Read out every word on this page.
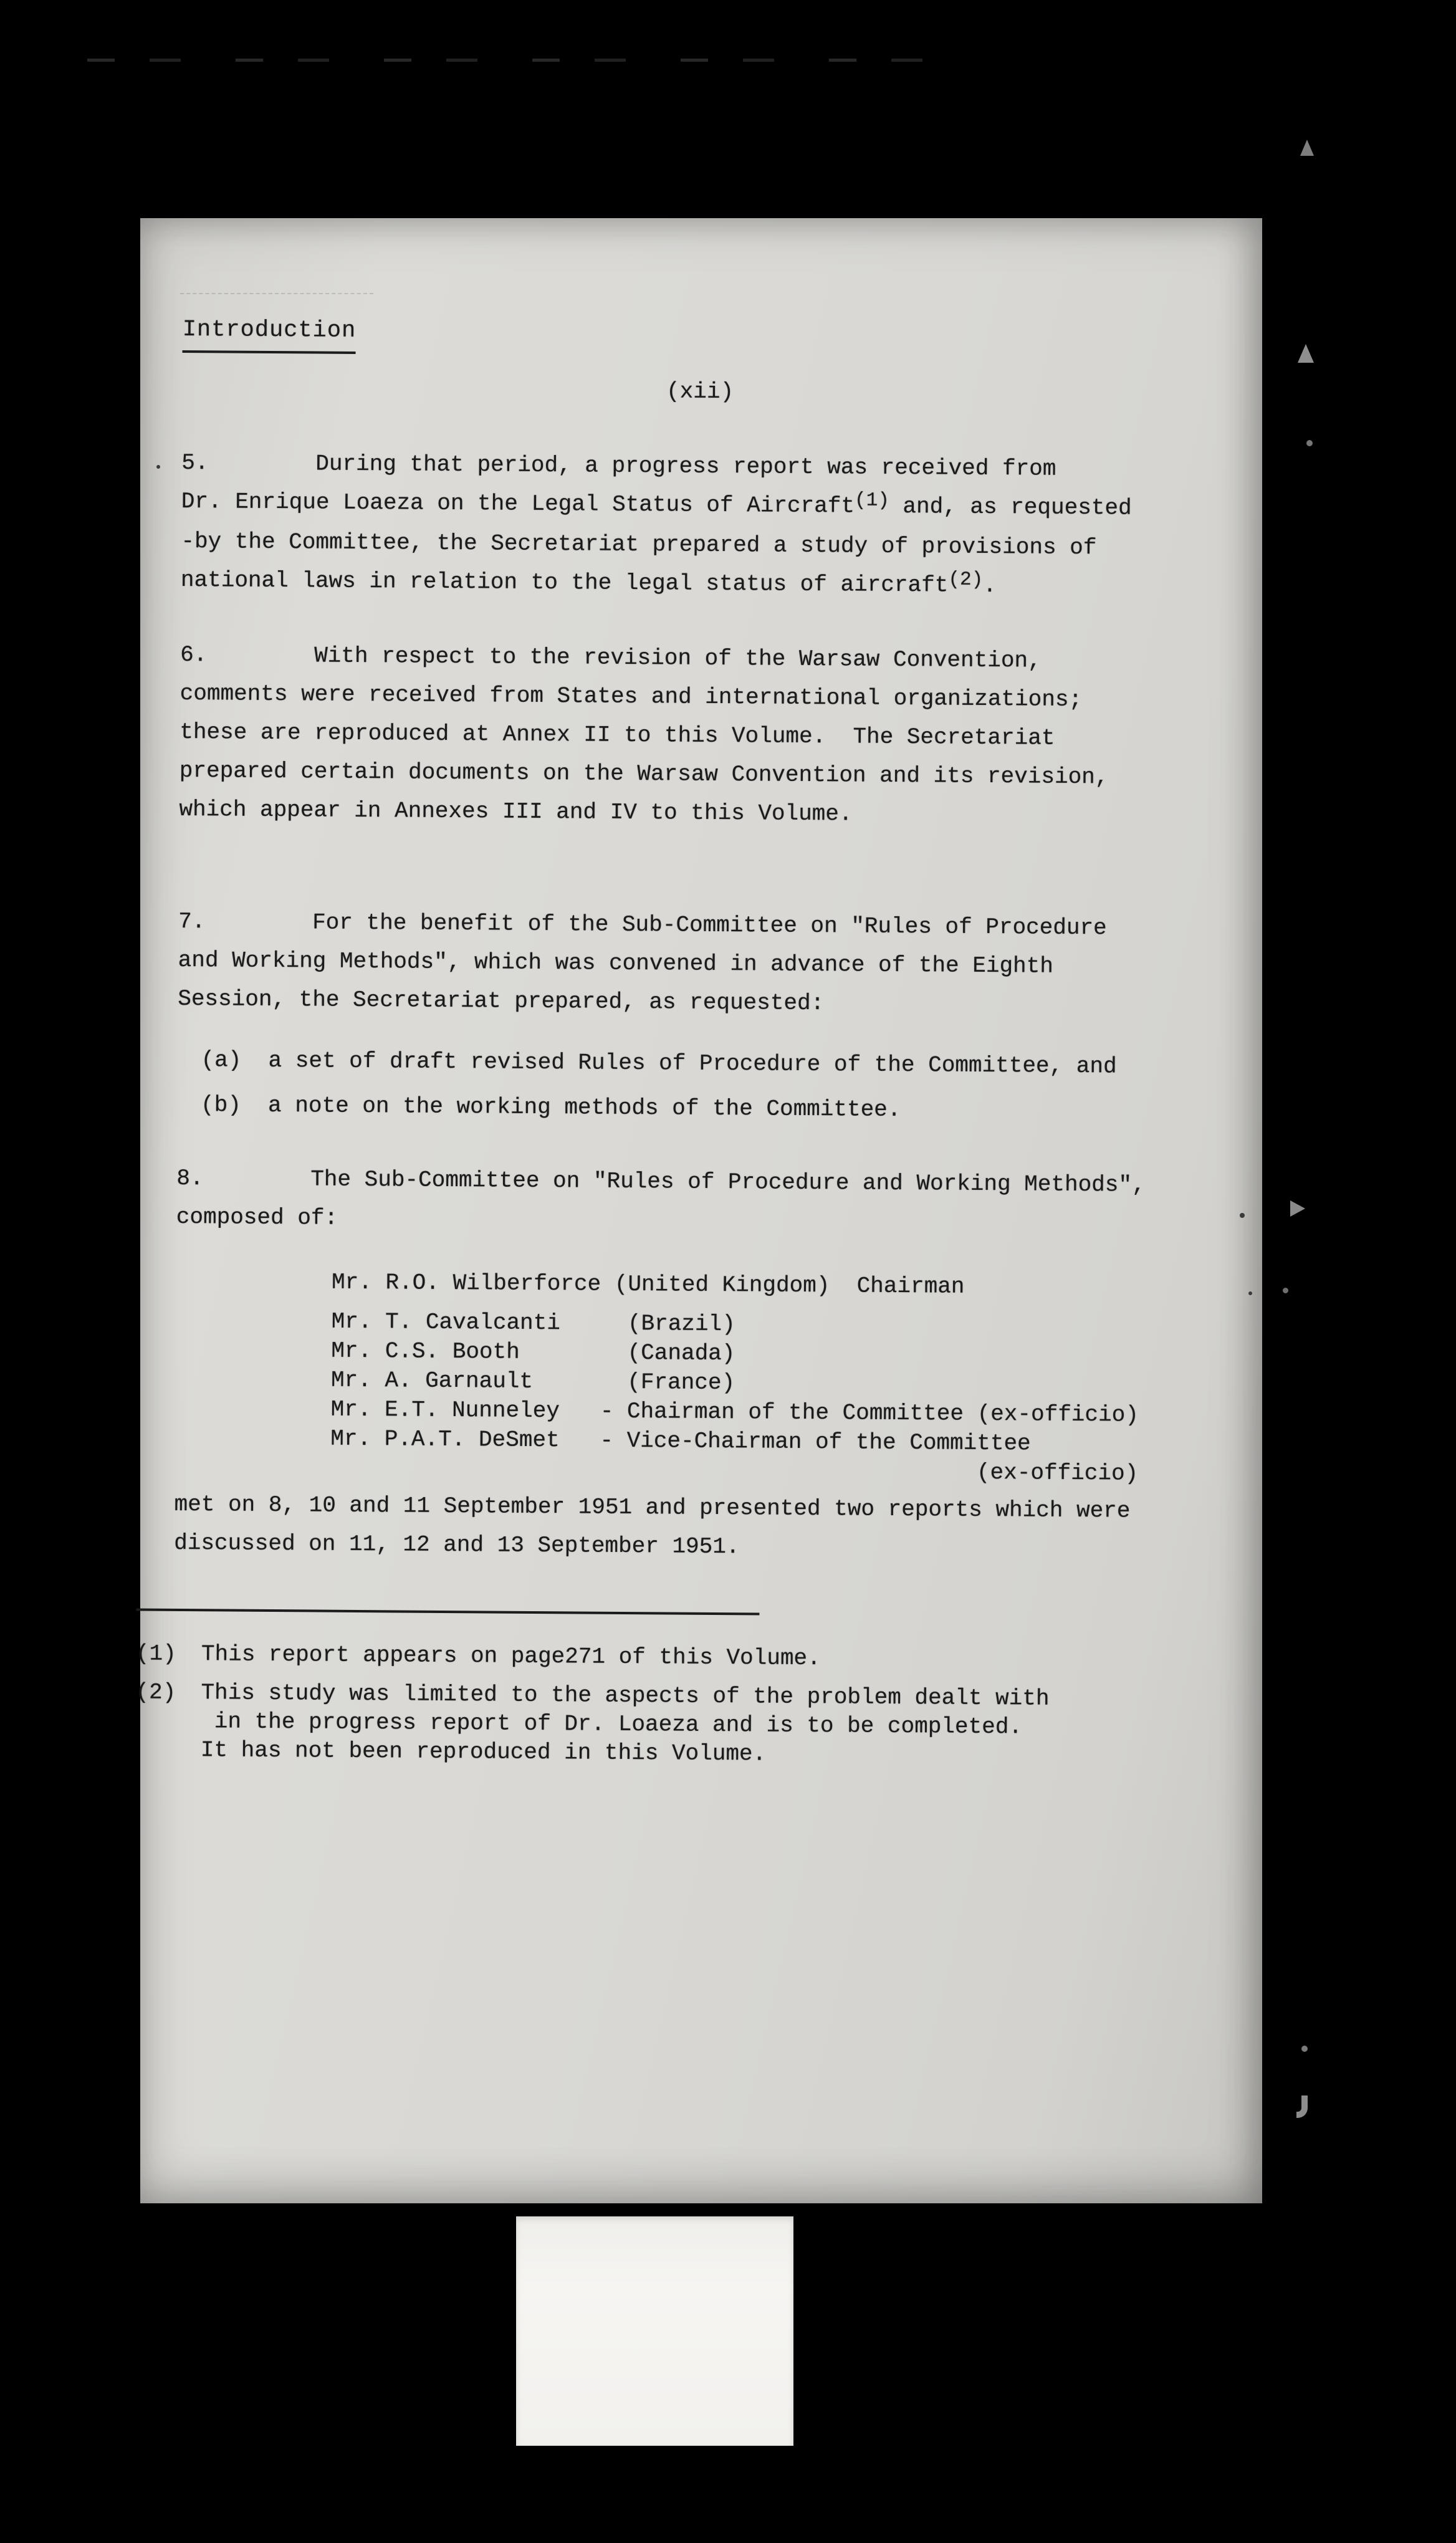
Introduction
(xii)

5.	During that period, a progress report was received from
Dr. Enrique Loaeza on the Legal Status of Aircraft(1) and, as requested
-by the Committee, the Secretariat prepared a study of provisions of
national laws in relation to the legal status of aircraft(2).

6.	With respect to the revision of the Warsaw Convention,
comments were received from States and international organizations;
these are reproduced at Annex II to this Volume.  The Secretariat
prepared certain documents on the Warsaw Convention and its revision,
which appear in Annexes III and IV to this Volume.

7.	For the benefit of the Sub-Committee on "Rules of Procedure
and Working Methods", which was convened in advance of the Eighth
Session, the Secretariat prepared, as requested:

(a)  a set of draft revised Rules of Procedure of the Committee, and
(b)  a note on the working methods of the Committee.

8.	The Sub-Committee on "Rules of Procedure and Working Methods",
composed of:

Mr. R.O. Wilberforce (United Kingdom)  Chairman
Mr. T. Cavalcanti     (Brazil)
Mr. C.S. Booth        (Canada)
Mr. A. Garnault       (France)
Mr. E.T. Nunneley   - Chairman of the Committee (ex-officio)
Mr. P.A.T. DeSmet   - Vice-Chairman of the Committee
(ex-officio)
met on 8, 10 and 11 September 1951 and presented two reports which were
discussed on 11, 12 and 13 September 1951.
(1)	This report appears on page271 of this Volume.
(2)	This study was limited to the aspects of the problem dealt with
in the progress report of Dr. Loaeza and is to be completed.
It has not been reproduced in this Volume.
